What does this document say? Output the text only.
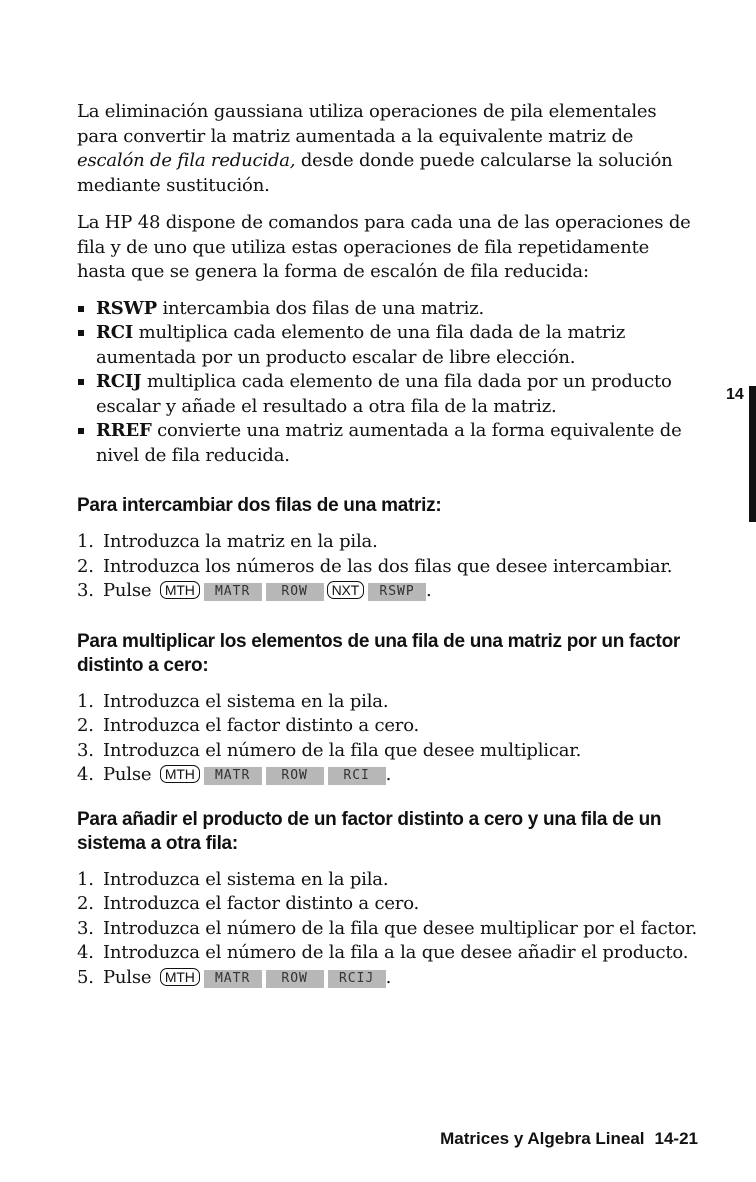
La eliminación gaussiana utiliza operaciones de pila elementales para convertir la matriz aumentada a la equivalente matriz de escalón de fila reducida, desde donde puede calcularse la solución mediante sustitución.

La HP 48 dispone de comandos para cada una de las operaciones de fila y de uno que utiliza estas operaciones de fila repetidamente hasta que se genera la forma de escalón de fila reducida:

RSWP intercambia dos filas de una matriz.
RCI multiplica cada elemento de una fila dada de la matriz aumentada por un producto escalar de libre elección.
RCIJ multiplica cada elemento de una fila dada por un producto escalar y añade el resultado a otra fila de la matriz.
RREF convierte una matriz aumentada a la forma equivalente de nivel de fila reducida.
Para intercambiar dos filas de una matriz:
1. Introduzca la matriz en la pila.
2. Introduzca los números de las dos filas que desee intercambiar.
3. Pulse MTH MATR ROW NXT RSWP .
Para multiplicar los elementos de una fila de una matriz por un factor distinto a cero:
1. Introduzca el sistema en la pila.
2. Introduzca el factor distinto a cero.
3. Introduzca el número de la fila que desee multiplicar.
4. Pulse MTH MATR ROW	RCI .
Para añadir el producto de un factor distinto a cero y una fila de un sistema a otra fila:
1. Introduzca el sistema en la pila.
2. Introduzca el factor distinto a cero.
3. Introduzca el número de la fila que desee multiplicar por el factor.
4. Introduzca el número de la fila a la que desee añadir el producto.
5. Pulse MTH MATR ROW RCIJ .
14
Matrices y Algebra Lineal 14-21
